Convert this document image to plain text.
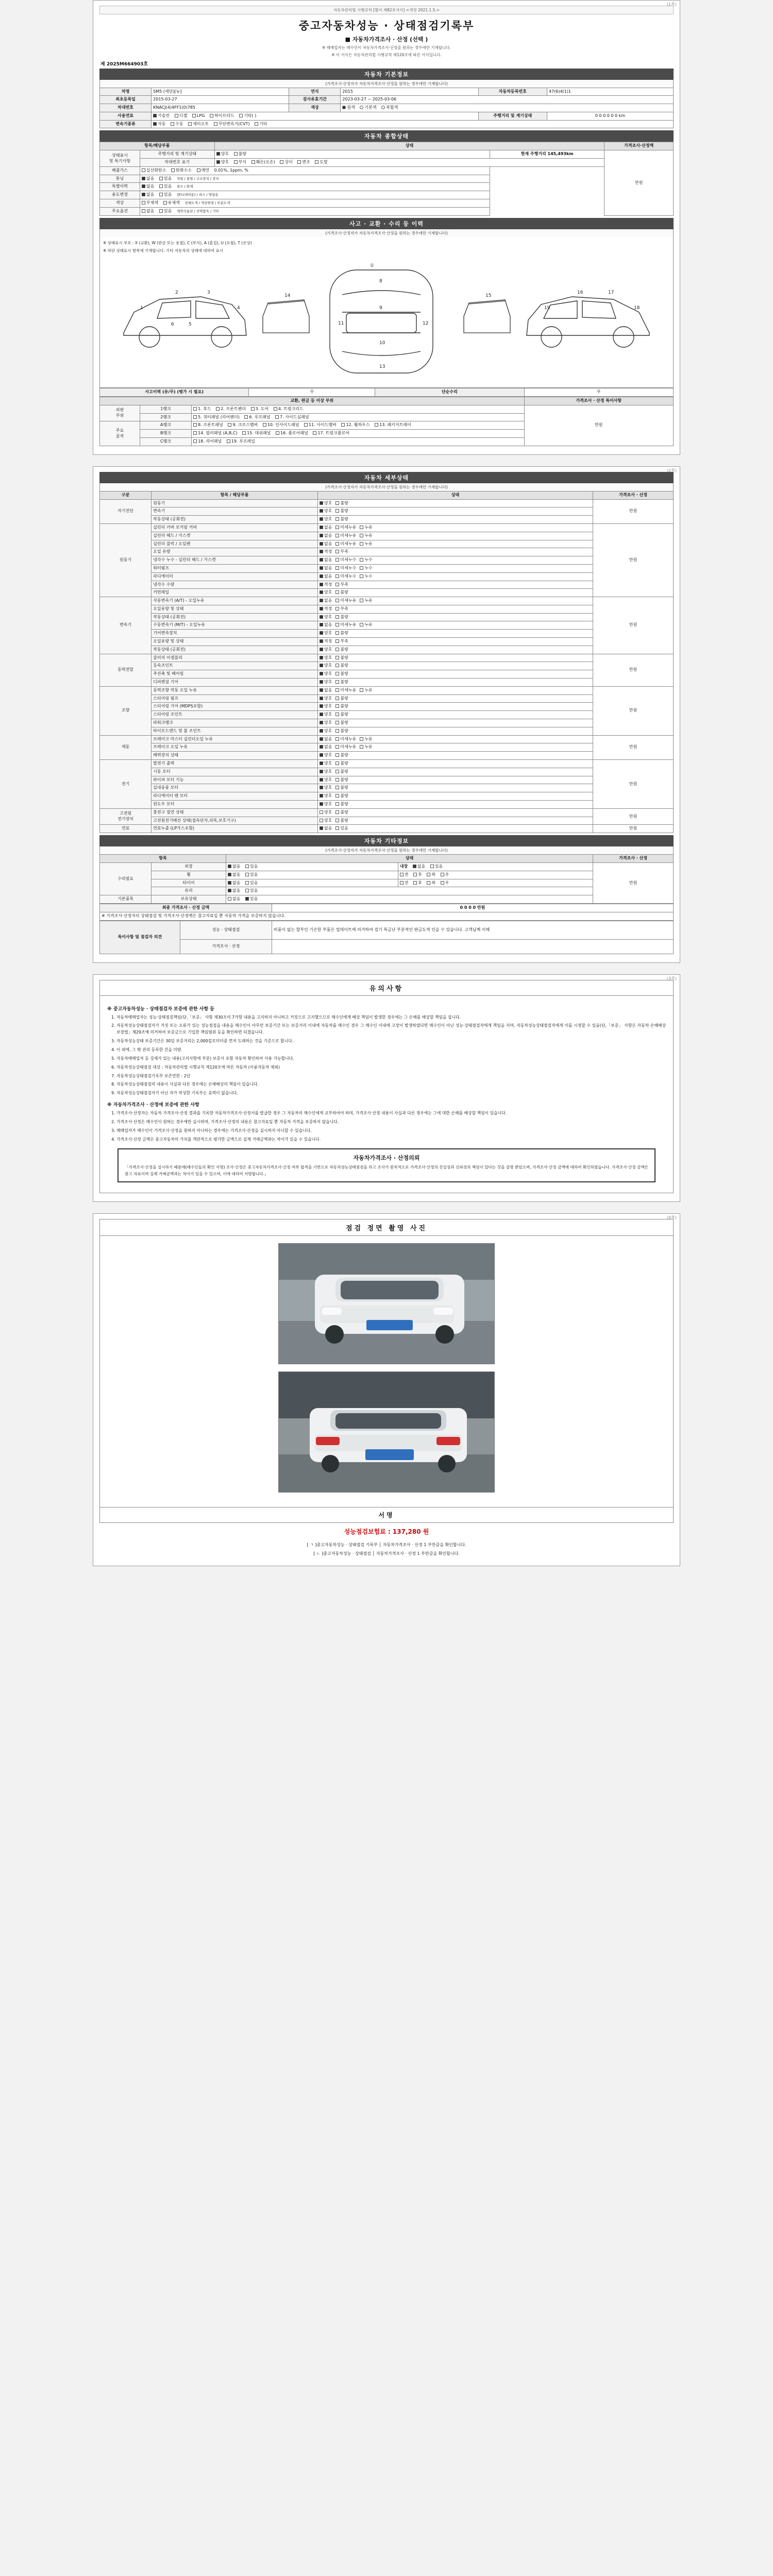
(1쪽)
자동차관리법 시행규칙 [별지 제82호서식] <개정 2021.1.5.>
중고자동차성능 · 상태점검기록부
■ 자동차가격조사 · 산정 (선택 )
※ 매매업자는 매수인이 자동차가격조사·산정을 원하는 경우에만 기재합니다.
※ 이 서식은 자동차관리법 시행규칙 제120조에 따른 서식입니다.
제 2025M664903호
자동차 기본정보
(가격조사·산정자가 자동차가격조사·산정을 원하는 경우에만 기재합니다)
차명	SM5 (세단)[뉴]	연식	2015	자동차등록번호	47(6)4(1)1
최초등록일	2015-03-27	검사유효기간	2023-03-27 ~ 2025-03-06		
차대번호	KNACJ(4)4FF1(0)785	색상	원색 기본색 복합색		
사용연료	가솔린 디젤 LPG 하이브리드 기타( )			주행거리 및 계기상태	0 0 0 0 0 0 km
변속기종류	자동 수동 세미오토 무단변속기(CVT) 기타				
자동차 종합상태
항목/해당부품		상태		가격조사·산정액
상태표시
및 특기사항	주행거리 및 계기상태	양호 불량	현재 주행거리 145,493km	만원
	차대번호 표기	양호 부식 훼손(오손) 상이 변조 도말		
배출가스	일산화탄소 탄화수소 매연 0.01%, 1ppm, %			
튜닝	없음 있음 적법 / 불법 / 구조장치 / 장치			
특별이력	없음 있음 침수 / 화재			
용도변경	없음 있음 렌트(대여용) / 리스 / 영업용			
색상	무채색 유채색 전체도색 / 색상변경 / 부분도색			
주요옵션	없음 있음 제작사옵션 / 선택품목 / 기타			
사고 · 교환 · 수리 등 이력
(가격조사·산정자가 자동차가격조사·산정을 원하는 경우에만 기재합니다)
※ 상태표시 부호 : X (교환), W (판금 또는 용접), C (부식), A (흠집), U (요철), T (손상)
※ 하단 상태표시 항목에 기재합니다. 기타 자동차의 상태에 대하여 표시
①
2	3
4
1
5
6
8
9
10
11	12
13
14	15
16	17
18
19
사고이력 (유/무) (평가 시 필요)	무	단순수리	무
교환, 판금 등 이상 부위			가격조사 · 산정 특이사항
외판
부위	1랭크	1. 후드 2. 프론트펜더 3. 도어 4. 트렁크리드	만원
	2랭크	5. 쿼터패널 (리어펜더) 6. 루프패널 7. 사이드실패널	
주요
골격	A랭크	8. 프론트패널 9. 크로스멤버 10. 인사이드패널 11. 사이드멤버 12. 휠하우스 13. 패키지트레이	
	B랭크	14. 필러패널 (A,B,C) 15. 대쉬패널 16. 플로어패널 17. 트렁크플로어	
	C랭크	18. 리어패널 19. 루프레일	
(2쪽)
자동차 세부상태
(가격조사·산정자가 자동차가격조사·산정을 원하는 경우에만 기재합니다)
구분	항목 / 해당부품	상태	가격조사 · 산정
자기진단	원동기	양호 불량	만원
	변속기	양호 불량	
	작동상태 (공회전)	양호 불량	
원동기	실린더 커버 로커암 커버	없음 미세누유 누유	만원
	실린더 헤드 / 가스켓	없음 미세누유 누유	
	실린더 블럭 / 오일팬	없음 미세누유 누유	
	오일 유량	적정 부족	
	냉각수 누수 - 실린더 헤드 / 가스켓	없음 미세누수 누수	
	워터펌프	없음 미세누수 누수	
	라디에이터	없음 미세누수 누수	
	냉각수 수량	적정 부족	
	커먼레일	양호 불량	
변속기	자동변속기 (A/T) - 오일누유	없음 미세누유 누유	만원
	오일유량 및 상태	적정 부족	
	작동상태 (공회전)	양호 불량	
	수동변속기 (M/T) - 오일누유	없음 미세누유 누유	
	기어변속장치	양호 불량	
	오일유량 및 상태	적정 부족	
	작동상태 (공회전)	양호 불량	
동력전달	클러치 어셈블리	양호 불량	만원
	등속조인트	양호 불량	
	추진축 및 베어링	양호 불량	
	디퍼렌셜 기어	양호 불량	
조향	동력조향 작동 오일 누유	없음 미세누유 누유	만원
	스티어링 펌프	양호 불량	
	스티어링 기어 (MDPS포함)	양호 불량	
	스티어링 조인트	양호 불량	
	파워크랭크	양호 불량	
	타이로드엔드 및 볼 조인트	양호 불량	
제동	브레이크 마스터 실린더오일 누유	없음 미세누유 누유	만원
	브레이크 오일 누유	없음 미세누유 누유	
	배력장치 상태	양호 불량	
전기	발전기 출력	양호 불량	만원
	시동 모터	양호 불량	
	와이퍼 모터 기능	양호 불량	
	실내송풍 모터	양호 불량	
	라디에이터 팬 모터	양호 불량	
	윈도우 모터	양호 불량	
고전원
전기장치	충전구 절연 상태	양호 불량	만원
	고전원전기배선 상태(접속단자,피복,보호기구)	양호 불량	
연료	연료누출 (LP가스포함)	없음 있음	만원
자동차 기타정보
(가격조사·산정자가 자동차가격조사·산정을 원하는 경우에만 기재합니다)
항목		상태		가격조사 · 산정
수리필요	외장	없음 있음	내장 없음 있음	만원
	휠	없음 있음	전 후 좌 우	
	타이어	없음 있음	전 후 좌 우	
	유리	없음 있음		
기본품목	보유상태	없음 있음		
최종 가격조사 · 산정 금액	0 0 0 0 만원
※ 가격조사·산정자의 상태점검 및 가격조사·산정액은 참고자료일 뿐 자동차 가격을 보증하지 않습니다.
특이사항 및 점검자 의견	성능 · 상태점검	비품이 없는 할부인 기손한 부품은 업데이트에 의거하여 검기 특금난 부분적인 판금도색 인을 수 있습니다. 고객님께 이해
	가격조사 · 산정	
(3쪽)
유의사항
※ 중고자동차성능 · 상태점검자 보증에 관한 사항 등
1. 자동차매매업자는 성능·상태점검책임(단,「보증」 사항 제30조의 7가항 내용을 고지하지 아니하고 거짓으로 고지했으므로 매수인에게 배상 책임이 발생한 경우에는 그 손해를 배상할 책임을 집니다.
2. 자동차성능상태점검자가 거짓 또는 오류가 있는 성능점검을 내용을 매수인이 아무런 보증기간 또는 보증거리 이내에 자동차를 매수인 경우 그 매수인 이내에 고장이 발생하였다면 매수인이 아닌 성능·상태점검자에게 책임을 지며, 자동차성능상태점검자에게 이를 시정할 수 있음(단,「보증」 사항은 자동차 손해배상 보장법」제29조에 의거하여 보증금으로 기입한 책임범위 등을 확인하면 되겠습니다.
3. 자동차성능상태 보증기간은 30일 보증거리는 2,000킬로미터중 먼저 도래하는 것을 기준으로 합니다.
4. 이 외에, 그 밖 권리 등록한 건을 미량.
5. 자동차매매업자 등 강제가 있는 내용(고지사항에 부분) 보증서 포함 자동차 확인하여 사용 가능합니다.
6. 자동차성능상태점검 대상 : 자동차관리법 시행규칙 제120조에 따른 자동차 (이륜자동차 제외)
7. 자동차성능상태점검기록부 보존연한 : 2년
8. 자동차성능상태점검의 내용이 사실과 다른 경우에는 손해배상의 책임이 있습니다.
9. 자동차성능상태점검자가 아닌 자가 작성한 기록부는 효력이 없습니다.
※ 자동차가격조사 · 산정에 보증에 관한 사항
1. 가격조사·산정자는 자동차 가격조사·산정 결과를 기록한 자동차가격조사·산정서를 발급한 경우 그 자동차의 매수인에게 교부하여야 하며, 가격조사·산정 내용이 사실과 다른 경우에는 그에 대한 손해를 배상할 책임이 있습니다.
2. 가격조사·산정은 매수인이 원하는 경우에만 실시하며, 가격조사·산정의 내용은 참고자료일 뿐 자동차 가격을 보증하지 않습니다.
3. 매매업자가 매수인이 가격조사·산정을 원하지 아니하는 경우에는 가격조사·산정을 실시하지 아니할 수 있습니다.
4. 가격조사·산정 금액은 중고자동차의 가치를 객관적으로 평가한 금액으로 실제 거래금액과는 차이가 있을 수 있습니다.
자동차가격조사 · 산정의뢰
「가격조사·산정을 실시하기 때문에(매수인들의 확인 서명) 조사·산정은 중고자동차가격조사·산정 여부 합격을 기반으로 자동차성능상태점검을 하고 조사가 원칙적으로 가격조사·산정의 진실성과 신뢰성의 책임이 있다는 것을 설명 받았으며, 가격조사·산정 금액에 대하여 확인하였습니다. 가격조사·산정 금액은 참고 자료이며 실제 거래금액과는 차이가 있을 수 있으며, 이에 대하여 서명합니다.」
(4쪽)
점검 정면 촬영 사진
서명
성능점검보험료 : 137,280 원
[ ㄱ ]중고자동차성능 · 상태점검 기록부 │ 자동차가격조사 · 산정 1 부만큼을 확인합니다.
[ ㄴ ]중고자동차성능 · 상태점검 │ 자동차가격조사 · 산정 1 부만큼을 확인합니다.
